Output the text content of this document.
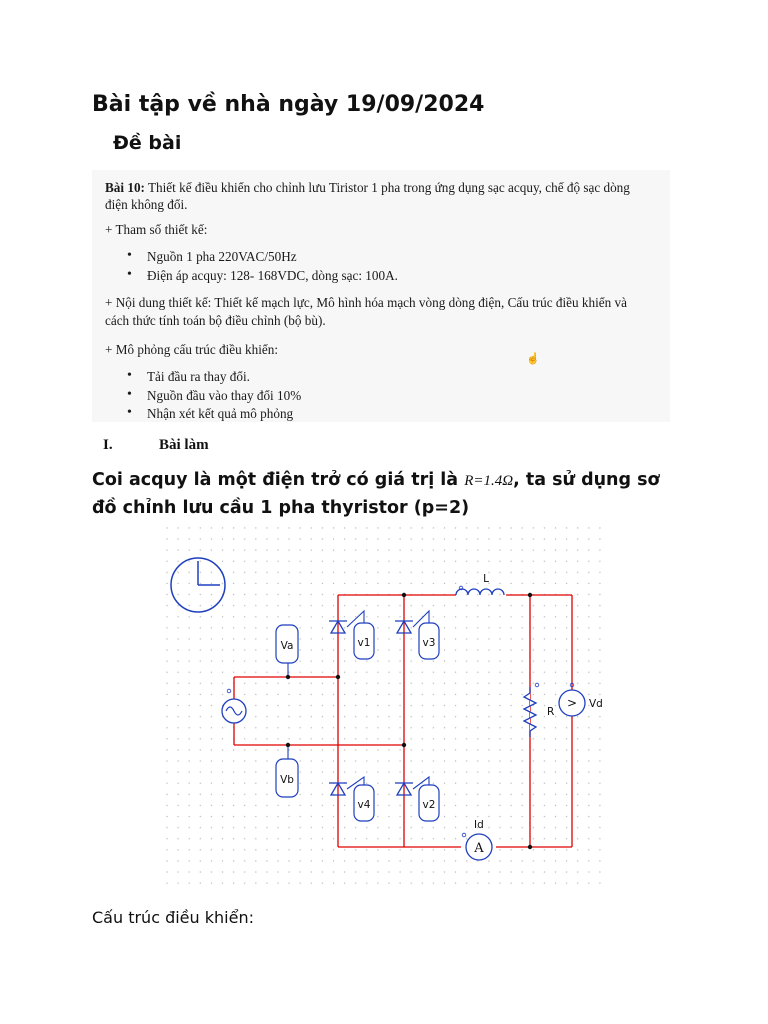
Bài tập về nhà ngày 19/09/2024
Đề bài
Bài 10: Thiết kế điều khiển cho chỉnh lưu Tiristor 1 pha trong ứng dụng sạc acquy, chế độ sạc dòng
điện không đổi.
+ Tham số thiết kế:
• Nguồn 1 pha 220VAC/50Hz
• Điện áp acquy: 128- 168VDC, dòng sạc: 100A.
+ Nội dung thiết kế: Thiết kế mạch lực, Mô hình hóa mạch vòng dòng điện, Cấu trúc điều khiển và
cách thức tính toán bộ điều chỉnh (bộ bù).
+ Mô phỏng cấu trúc điều khiển:
☝
• Tải đầu ra thay đổi.
• Nguồn đầu vào thay đổi 10%
• Nhận xét kết quả mô phỏng
I.	Bài làm
Coi acquy là một điện trở có giá trị là R=1.4Ω, ta sử dụng sơ đồ chỉnh lưu cầu 1 pha thyristor (p=2)
v1	v3
v4	v2
Va
Vb
L
R
> Vd
A
Id
Cấu trúc điều khiển:
